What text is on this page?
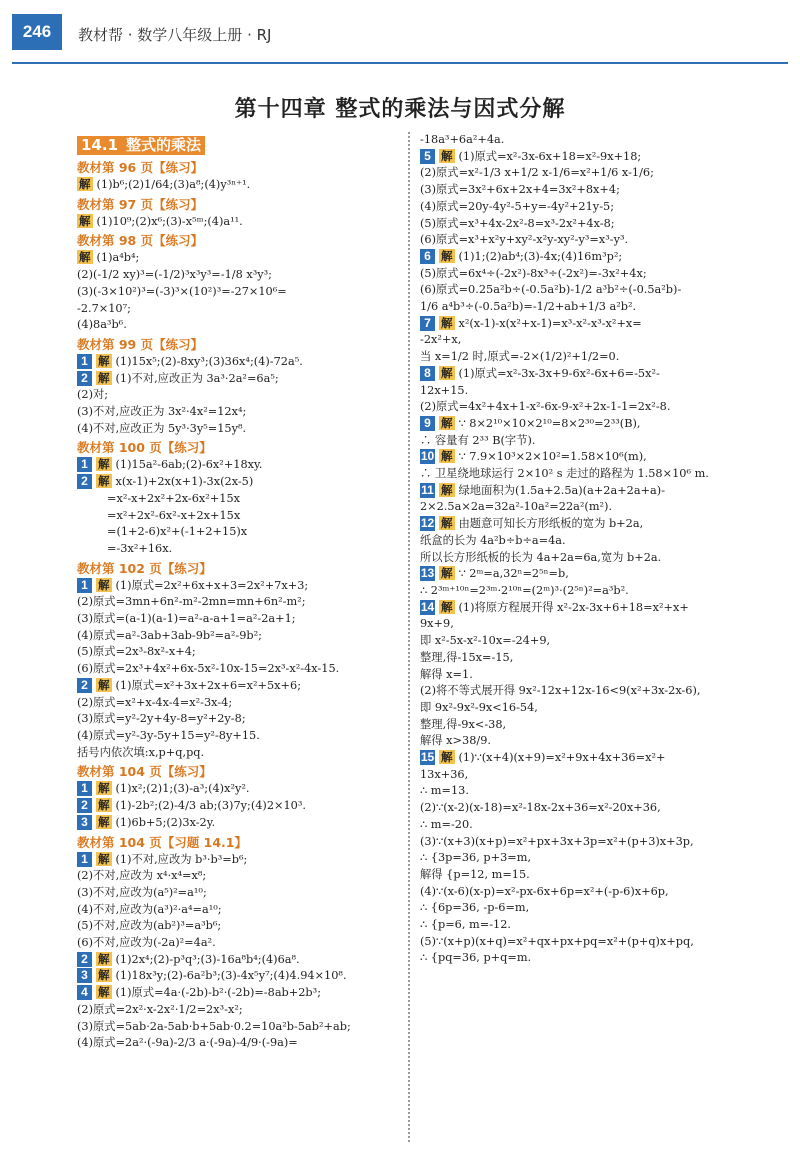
246	教材帮 · 数学八年级上册 · RJ
第十四章 整式的乘法与因式分解
14.1 整式的乘法
教材第 96 页【练习】
解 (1)b⁶;(2)1/64;(3)a⁸;(4)y³ⁿ⁺¹.
教材第 97 页【练习】
解 (1)10⁹;(2)x⁶;(3)-x⁵ᵐ;(4)a¹¹.
教材第 98 页【练习】
解 (1)a⁴b⁴;
(2)(-1/2 xy)³=(-1/2)³x³y³=-1/8 x³y³;
(3)(-3×10²)³=(-3)³×(10²)³=-27×10⁶=
-2.7×10⁷;
(4)8a³b⁶.
教材第 99 页【练习】
1 解 (1)15x⁵;(2)-8xy³;(3)36x⁴;(4)-72a⁵.
2 解 (1)不对,应改正为 3a³·2a²=6a⁵;
(2)对;
(3)不对,应改正为 3x²·4x²=12x⁴;
(4)不对,应改正为 5y³·3y⁵=15y⁸.
教材第 100 页【练习】
1 解 (1)15a²-6ab;(2)-6x²+18xy.
2 解 x(x-1)+2x(x+1)-3x(2x-5)
=x²-x+2x²+2x-6x²+15x
=x²+2x²-6x²-x+2x+15x
=(1+2-6)x²+(-1+2+15)x
=-3x²+16x.
教材第 102 页【练习】
1 解 (1)原式=2x²+6x+x+3=2x²+7x+3;
(2)原式=3mn+6n²-m²-2mn=mn+6n²-m²;
(3)原式=(a-1)(a-1)=a²-a-a+1=a²-2a+1;
(4)原式=a²-3ab+3ab-9b²=a²-9b²;
(5)原式=2x³-8x²-x+4;
(6)原式=2x³+4x²+6x-5x²-10x-15=2x³-x²-4x-15.
2 解 (1)原式=x²+3x+2x+6=x²+5x+6;
(2)原式=x²+x-4x-4=x²-3x-4;
(3)原式=y²-2y+4y-8=y²+2y-8;
(4)原式=y²-3y-5y+15=y²-8y+15.
括号内依次填:x,p+q,pq.
教材第 104 页【练习】
1 解 (1)x²;(2)1;(3)-a³;(4)x²y².
2 解 (1)-2b²;(2)-4/3 ab;(3)7y;(4)2×10³.
3 解 (1)6b+5;(2)3x-2y.
教材第 104 页【习题 14.1】
1 解 (1)不对,应改为 b³·b³=b⁶;
(2)不对,应改为 x⁴·x⁴=x⁸;
(3)不对,应改为(a⁵)²=a¹⁰;
(4)不对,应改为(a³)²·a⁴=a¹⁰;
(5)不对,应改为(ab²)³=a³b⁶;
(6)不对,应改为(-2a)²=4a².
2 解 (1)2x⁴;(2)-p³q³;(3)-16a⁸b⁴;(4)6a⁸.
3 解 (1)18x³y;(2)-6a²b³;(3)-4x⁵y⁷;(4)4.94×10⁸.
4 解 (1)原式=4a·(-2b)-b²·(-2b)=-8ab+2b³;
(2)原式=2x²·x-2x²·1/2=2x³-x²;
(3)原式=5ab·2a-5ab·b+5ab·0.2=10a²b-5ab²+ab;
(4)原式=2a²·(-9a)-2/3 a·(-9a)-4/9·(-9a)=
-18a³+6a²+4a.
5 解 (1)原式=x²-3x-6x+18=x²-9x+18;
(2)原式=x²-1/3 x+1/2 x-1/6=x²+1/6 x-1/6;
(3)原式=3x²+6x+2x+4=3x²+8x+4;
(4)原式=20y-4y²-5+y=-4y²+21y-5;
(5)原式=x³+4x-2x²-8=x³-2x²+4x-8;
(6)原式=x³+x²y+xy²-x²y-xy²-y³=x³-y³.
6 解 (1)1;(2)ab⁴;(3)-4x;(4)16m³p²;
(5)原式=6x⁴÷(-2x²)-8x³÷(-2x²)=-3x²+4x;
(6)原式=0.25a²b÷(-0.5a²b)-1/2 a³b²÷(-0.5a²b)-
1/6 a⁴b³÷(-0.5a²b)=-1/2+ab+1/3 a²b².
7 解 x²(x-1)-x(x²+x-1)=x³-x²-x³-x²+x=
-2x²+x,
当 x=1/2 时,原式=-2×(1/2)²+1/2=0.
8 解 (1)原式=x²-3x-3x+9-6x²-6x+6=-5x²-
12x+15.
(2)原式=4x²+4x+1-x²-6x-9-x²+2x-1-1=2x²-8.
9 解 ∵ 8×2¹⁰×10×2¹⁰=8×2³⁰=2³³(B),
∴ 容量有 2³³ B(字节).
10 解 ∵ 7.9×10³×2×10²=1.58×10⁶(m),
∴ 卫星绕地球运行 2×10² s 走过的路程为 1.58×10⁶ m.
11 解 绿地面积为(1.5a+2.5a)(a+2a+2a+a)-
2×2.5a×2a=32a²-10a²=22a²(m²).
12 解 由题意可知长方形纸板的宽为 b+2a,
纸盒的长为 4a²b÷b÷a=4a.
所以长方形纸板的长为 4a+2a=6a,宽为 b+2a.
13 解 ∵ 2ᵐ=a,32ⁿ=2⁵ⁿ=b,
∴ 2³ᵐ⁺¹⁰ⁿ=2³ᵐ·2¹⁰ⁿ=(2ᵐ)³·(2⁵ⁿ)²=a³b².
14 解 (1)将原方程展开得 x²-2x-3x+6+18=x²+x+
9x+9,
即 x²-5x-x²-10x=-24+9,
整理,得-15x=-15,
解得 x=1.
(2)将不等式展开得 9x²-12x+12x-16<9(x²+3x-2x-6),
即 9x²-9x²-9x<16-54,
整理,得-9x<-38,
解得 x>38/9.
15 解 (1)∵(x+4)(x+9)=x²+9x+4x+36=x²+
13x+36,
∴ m=13.
(2)∵(x-2)(x-18)=x²-18x-2x+36=x²-20x+36,
∴ m=-20.
(3)∵(x+3)(x+p)=x²+px+3x+3p=x²+(p+3)x+3p,
∴ {3p=36, p+3=m,
解得 {p=12, m=15.
(4)∵(x-6)(x-p)=x²-px-6x+6p=x²+(-p-6)x+6p,
∴ {6p=36, -p-6=m,
∴ {p=6, m=-12.
(5)∵(x+p)(x+q)=x²+qx+px+pq=x²+(p+q)x+pq,
∴ {pq=36, p+q=m.
